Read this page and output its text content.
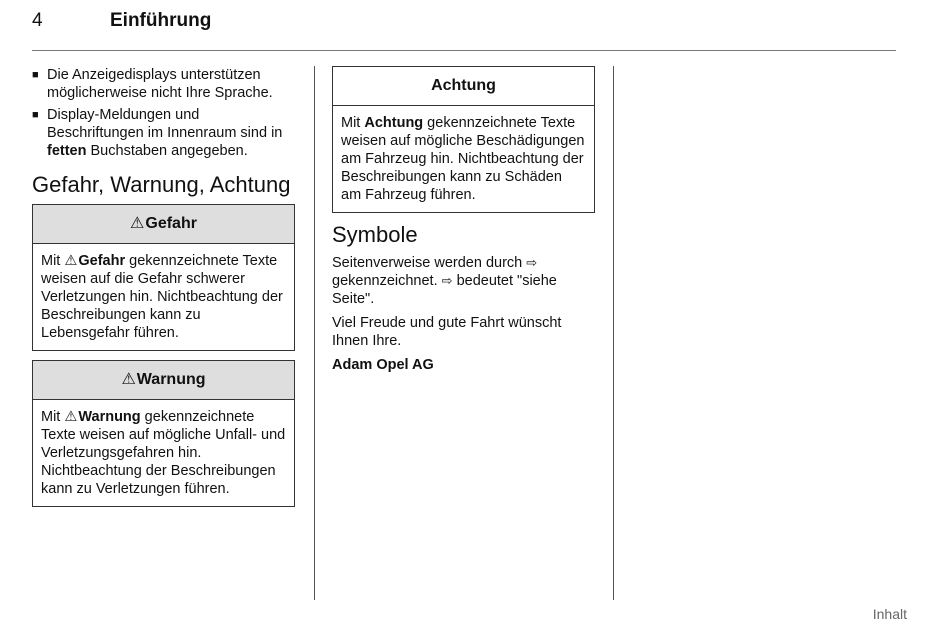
4	Einführung
■ Die Anzeigedisplays unterstützen möglicherweise nicht Ihre Sprache.
■ Display-Meldungen und Beschriftungen im Innenraum sind in fetten Buchstaben angegeben.
Gefahr, Warnung, Achtung
⚠Gefahr
Mit ⚠Gefahr gekennzeichnete Texte weisen auf die Gefahr schwerer Verletzungen hin. Nichtbeachtung der Beschreibungen kann zu Lebensgefahr führen.
⚠Warnung
Mit ⚠Warnung gekennzeichnete Texte weisen auf mögliche Unfall- und Verletzungsgefahren hin. Nichtbeachtung der Beschreibungen kann zu Verletzungen führen.
Achtung
Mit Achtung gekennzeichnete Texte weisen auf mögliche Beschädigungen am Fahrzeug hin. Nichtbeachtung der Beschreibungen kann zu Schäden am Fahrzeug führen.
Symbole

Seitenverweise werden durch ⇨ gekennzeichnet. ⇨ bedeutet "siehe Seite".

Viel Freude und gute Fahrt wünscht Ihnen Ihre.

Adam Opel AG

Inhalt
